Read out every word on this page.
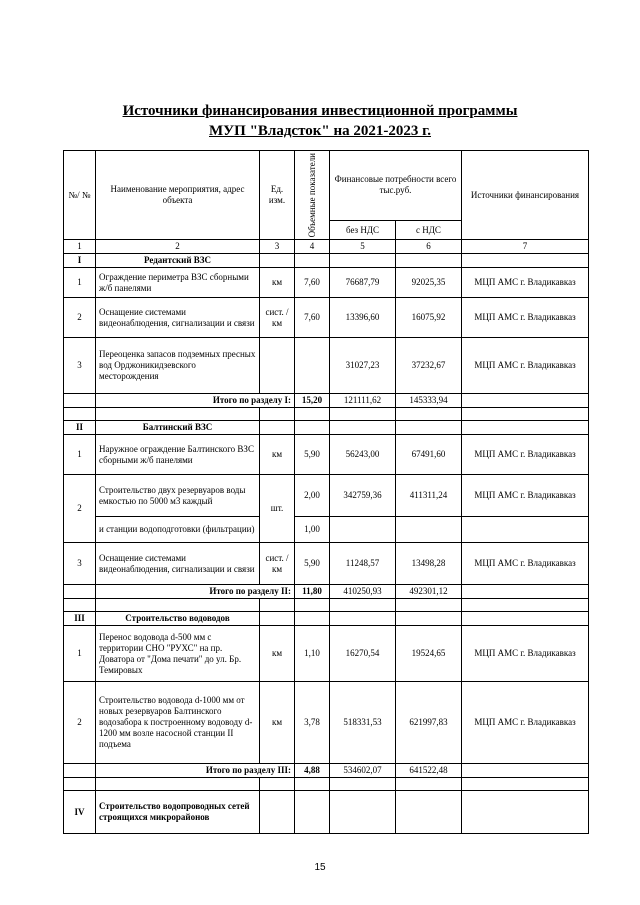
Источники финансирования инвестиционной программы
МУП "Владсток" на 2021-2023 г.
№/ №	Наименование мероприятия, адрес объекта	Ед. изм.	Объемные показатели	Финансовые потребности всего тыс.руб.		Источники финансирования
				без НДС	с НДС	
1	2	3	4	5	6	7
I	Редантский ВЗС					
1	Ограждение периметра ВЗС сборными ж/б панелями	км	7,60	76687,79	92025,35	МЦП АМС г. Владикавказ
2	Оснащение системами видеонаблюдения, сигнализации и связи	сист. /км	7,60	13396,60	16075,92	МЦП АМС г. Владикавказ
3	Переоценка запасов подземных пресных вод Орджоникидзевского месторождения			31027,23	37232,67	МЦП АМС г. Владикавказ
	Итого по разделу I:		15,20	121111,62	145333,94	

II	Балтинский ВЗС					
1	Наружное ограждение Балтинского ВЗС сборными ж/б панелями	км	5,90	56243,00	67491,60	МЦП АМС г. Владикавказ
2	Строительство двух резервуаров воды емкостью по 5000 м3 каждый	шт.	2,00	342759,36	411311,24	МЦП АМС г. Владикавказ
	и станции водоподготовки (фильтрации)		1,00			
3	Оснащение системами видеонаблюдения, сигнализации и связи	сист. /км	5,90	11248,57	13498,28	МЦП АМС г. Владикавказ
	Итого по разделу II:		11,80	410250,93	492301,12	

III	Строительство водоводов					
1	Перенос водовода d-500 мм с территории СНО "РУХС" на пр. Доватора от "Дома печати" до ул. Бр. Темировых	км	1,10	16270,54	19524,65	МЦП АМС г. Владикавказ
2	Строительство водовода d-1000 мм от новых резервуаров Балтинского водозабора к построенному водоводу d-1200 мм возле насосной станции II подъема	км	3,78	518331,53	621997,83	МЦП АМС г. Владикавказ
	Итого по разделу III:		4,88	534602,07	641522,48	

IV	Строительство водопроводных сетей строящихся микрорайонов					
15
